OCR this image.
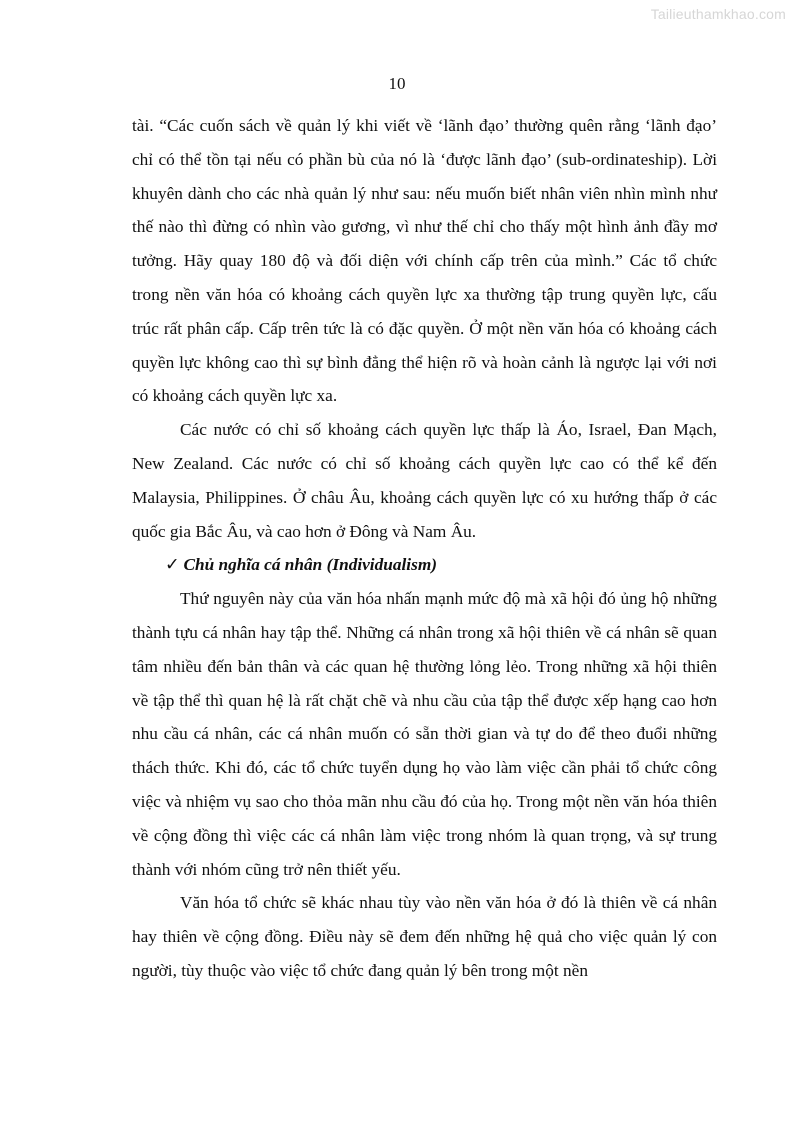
Tailieuthamkhao.com
10

tài. “Các cuốn sách về quản lý khi viết về ‘lãnh đạo’ thường quên rằng ‘lãnh đạo’ chỉ có thể tồn tại nếu có phần bù của nó là ‘được lãnh đạo’ (sub-ordinateship). Lời khuyên dành cho các nhà quản lý như sau: nếu muốn biết nhân viên nhìn mình như thế nào thì đừng có nhìn vào gương, vì như thế chỉ cho thấy một hình ảnh đầy mơ tưởng. Hãy quay 180 độ và đối diện với chính cấp trên của mình.” Các tổ chức trong nền văn hóa có khoảng cách quyền lực xa thường tập trung quyền lực, cấu trúc rất phân cấp. Cấp trên tức là có đặc quyền. Ở một nền văn hóa có khoảng cách quyền lực không cao thì sự bình đẳng thể hiện rõ và hoàn cảnh là ngược lại với nơi có khoảng cách quyền lực xa.

Các nước có chỉ số khoảng cách quyền lực thấp là Áo, Israel, Đan Mạch, New Zealand. Các nước có chỉ số khoảng cách quyền lực cao có thể kể đến Malaysia, Philippines. Ở châu Âu, khoảng cách quyền lực có xu hướng thấp ở các quốc gia Bắc Âu, và cao hơn ở Đông và Nam Âu.

✓ Chủ nghĩa cá nhân (Individualism)

Thứ nguyên này của văn hóa nhấn mạnh mức độ mà xã hội đó ủng hộ những thành tựu cá nhân hay tập thể. Những cá nhân trong xã hội thiên về cá nhân sẽ quan tâm nhiều đến bản thân và các quan hệ thường lỏng lẻo. Trong những xã hội thiên về tập thể thì quan hệ là rất chặt chẽ và nhu cầu của tập thể được xếp hạng cao hơn nhu cầu cá nhân, các cá nhân muốn có sẵn thời gian và tự do để theo đuổi những thách thức. Khi đó, các tổ chức tuyển dụng họ vào làm việc cần phải tổ chức công việc và nhiệm vụ sao cho thỏa mãn nhu cầu đó của họ. Trong một nền văn hóa thiên về cộng đồng thì việc các cá nhân làm việc trong nhóm là quan trọng, và sự trung thành với nhóm cũng trở nên thiết yếu.

Văn hóa tổ chức sẽ khác nhau tùy vào nền văn hóa ở đó là thiên về cá nhân hay thiên về cộng đồng. Điều này sẽ đem đến những hệ quả cho việc quản lý con người, tùy thuộc vào việc tổ chức đang quản lý bên trong một nền
